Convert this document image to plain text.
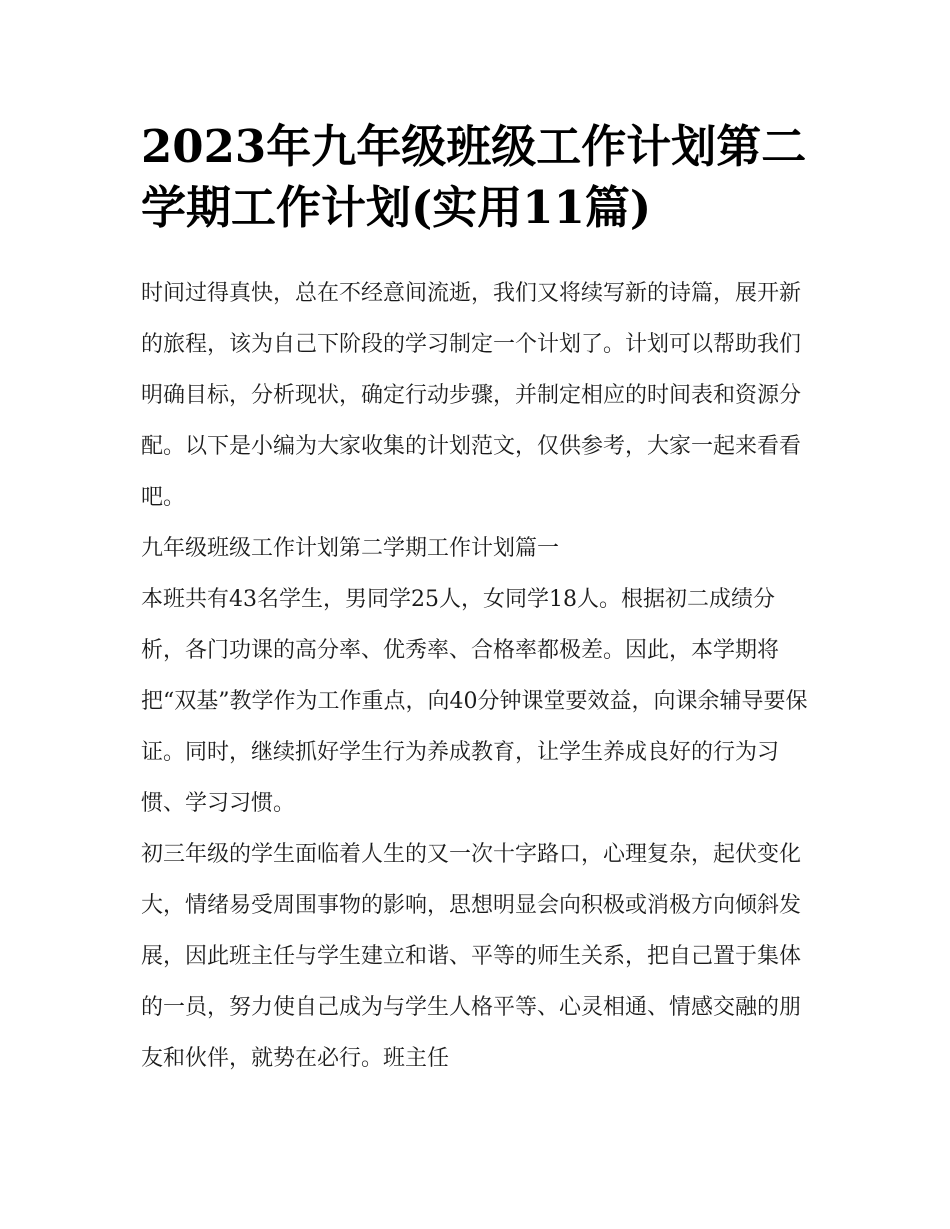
2023年九年级班级工作计划第二学期工作计划(实用11篇)

时间过得真快，总在不经意间流逝，我们又将续写新的诗篇，展开新的旅程，该为自己下阶段的学习制定一个计划了。计划可以帮助我们明确目标，分析现状，确定行动步骤，并制定相应的时间表和资源分配。以下是小编为大家收集的计划范文，仅供参考，大家一起来看看吧。

九年级班级工作计划第二学期工作计划篇一

本班共有43名学生，男同学25人，女同学18人。根据初二成绩分析，各门功课的高分率、优秀率、合格率都极差。因此，本学期将把“双基”教学作为工作重点，向40分钟课堂要效益，向课余辅导要保证。同时，继续抓好学生行为养成教育，让学生养成良好的行为习惯、学习习惯。

初三年级的学生面临着人生的又一次十字路口，心理复杂，起伏变化大，情绪易受周围事物的影响，思想明显会向积极或消极方向倾斜发展，因此班主任与学生建立和谐、平等的师生关系，把自己置于集体的一员，努力使自己成为与学生人格平等、心灵相通、情感交融的朋友和伙伴，就势在必行。班主任
